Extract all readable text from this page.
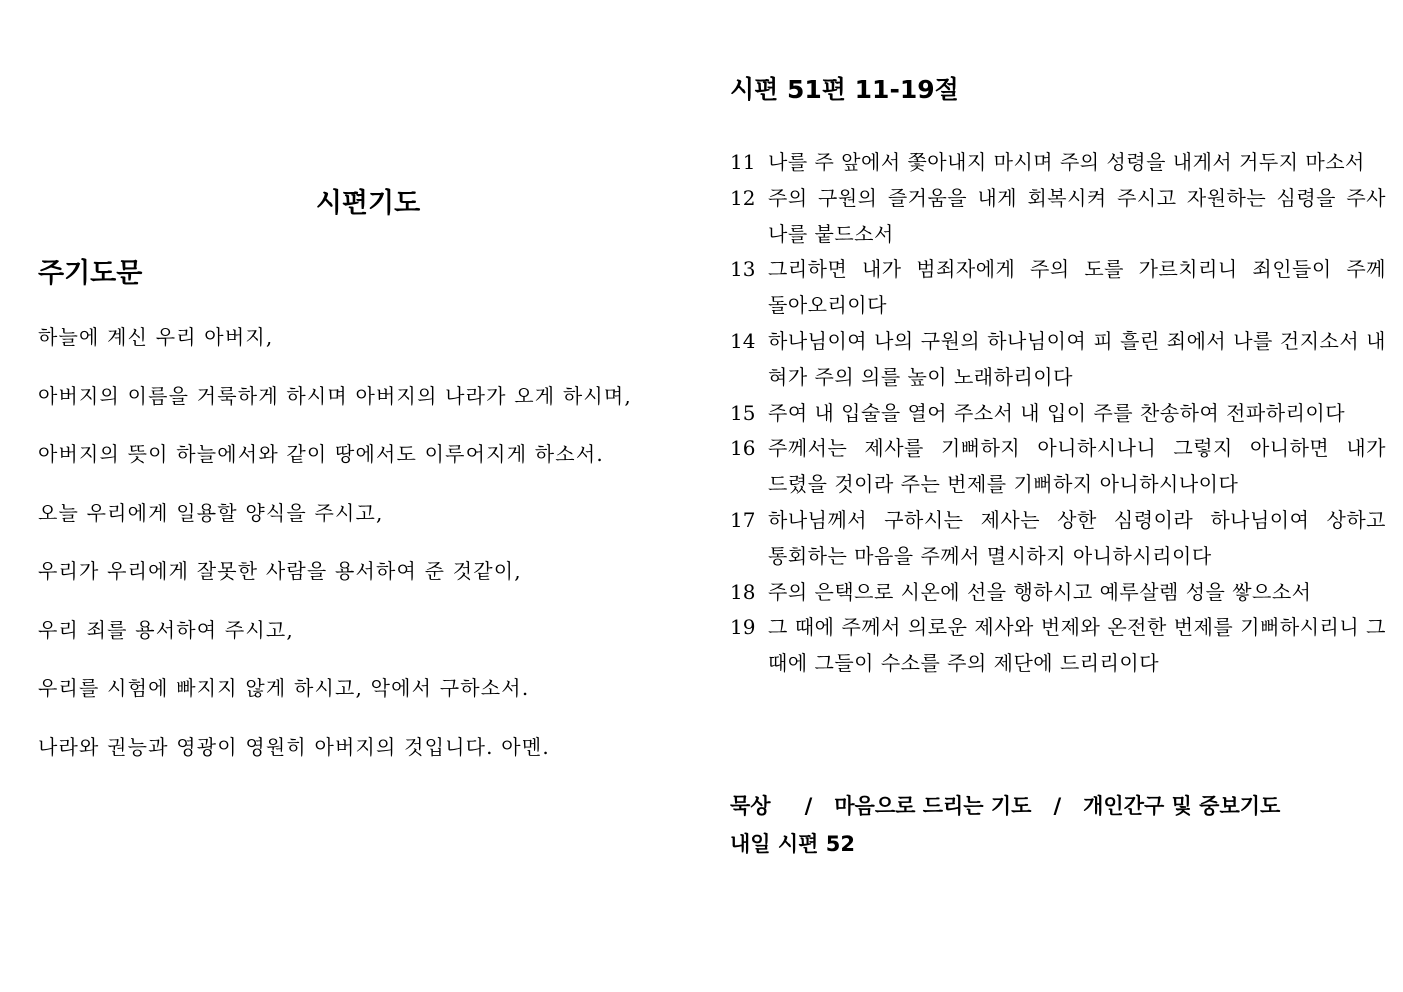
시편기도
주기도문
하늘에 계신 우리 아버지,
아버지의 이름을 거룩하게 하시며 아버지의 나라가 오게 하시며,
아버지의 뜻이 하늘에서와 같이 땅에서도 이루어지게 하소서.
오늘 우리에게 일용할 양식을 주시고,
우리가 우리에게 잘못한 사람을 용서하여 준 것같이,
우리 죄를 용서하여 주시고,
우리를 시험에 빠지지 않게 하시고, 악에서 구하소서.
나라와 권능과 영광이 영원히 아버지의 것입니다. 아멘.
시편 51편 11-19절
11 나를 주 앞에서 쫓아내지 마시며 주의 성령을 내게서 거두지 마소서
12 주의 구원의 즐거움을 내게 회복시켜 주시고 자원하는 심령을 주사 나를 붙드소서
13 그리하면 내가 범죄자에게 주의 도를 가르치리니 죄인들이 주께 돌아오리이다
14 하나님이여 나의 구원의 하나님이여 피 흘린 죄에서 나를 건지소서 내 혀가 주의 의를 높이 노래하리이다
15 주여 내 입술을 열어 주소서 내 입이 주를 찬송하여 전파하리이다
16 주께서는 제사를 기뻐하지 아니하시나니 그렇지 아니하면 내가 드렸을 것이라 주는 번제를 기뻐하지 아니하시나이다
17 하나님께서 구하시는 제사는 상한 심령이라 하나님이여 상하고 통회하는 마음을 주께서 멸시하지 아니하시리이다
18 주의 은택으로 시온에 선을 행하시고 예루살렘 성을 쌓으소서
19 그 때에 주께서 의로운 제사와 번제와 온전한 번제를 기뻐하시리니 그 때에 그들이 수소를 주의 제단에 드리리이다

묵상 / 마음으로 드리는 기도 / 개인간구 및 중보기도

내일 시편 52
